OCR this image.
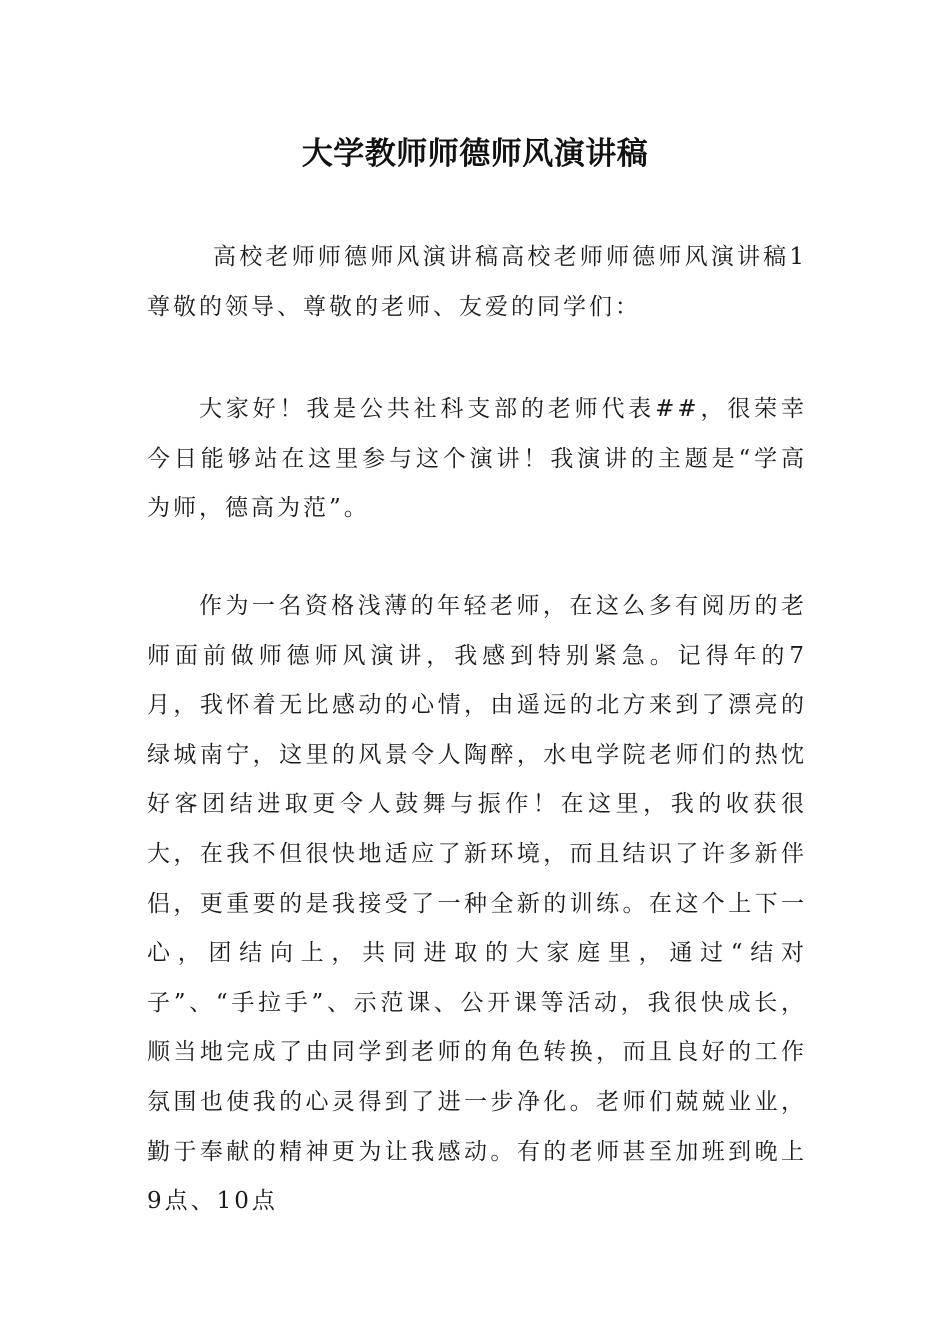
大学教师师德师风演讲稿

高校老师师德师风演讲稿高校老师师德师风演讲稿1尊敬的领导、尊敬的老师、友爱的同学们：

大家好！我是公共社科支部的老师代表##，很荣幸今日能够站在这里参与这个演讲！我演讲的主题是“学高为师，德高为范”。

作为一名资格浅薄的年轻老师，在这么多有阅历的老师面前做师德师风演讲，我感到特别紧急。记得年的7月，我怀着无比感动的心情，由遥远的北方来到了漂亮的绿城南宁，这里的风景令人陶醉，水电学院老师们的热忱好客团结进取更令人鼓舞与振作！在这里，我的收获很大，在我不但很快地适应了新环境，而且结识了许多新伴侣，更重要的是我接受了一种全新的训练。在这个上下一心，团结向上，共同进取的大家庭里，通过“结对子”、“手拉手”、示范课、公开课等活动，我很快成长，顺当地完成了由同学到老师的角色转换，而且良好的工作氛围也使我的心灵得到了进一步净化。老师们兢兢业业，勤于奉献的精神更为让我感动。有的老师甚至加班到晚上9点、10点
